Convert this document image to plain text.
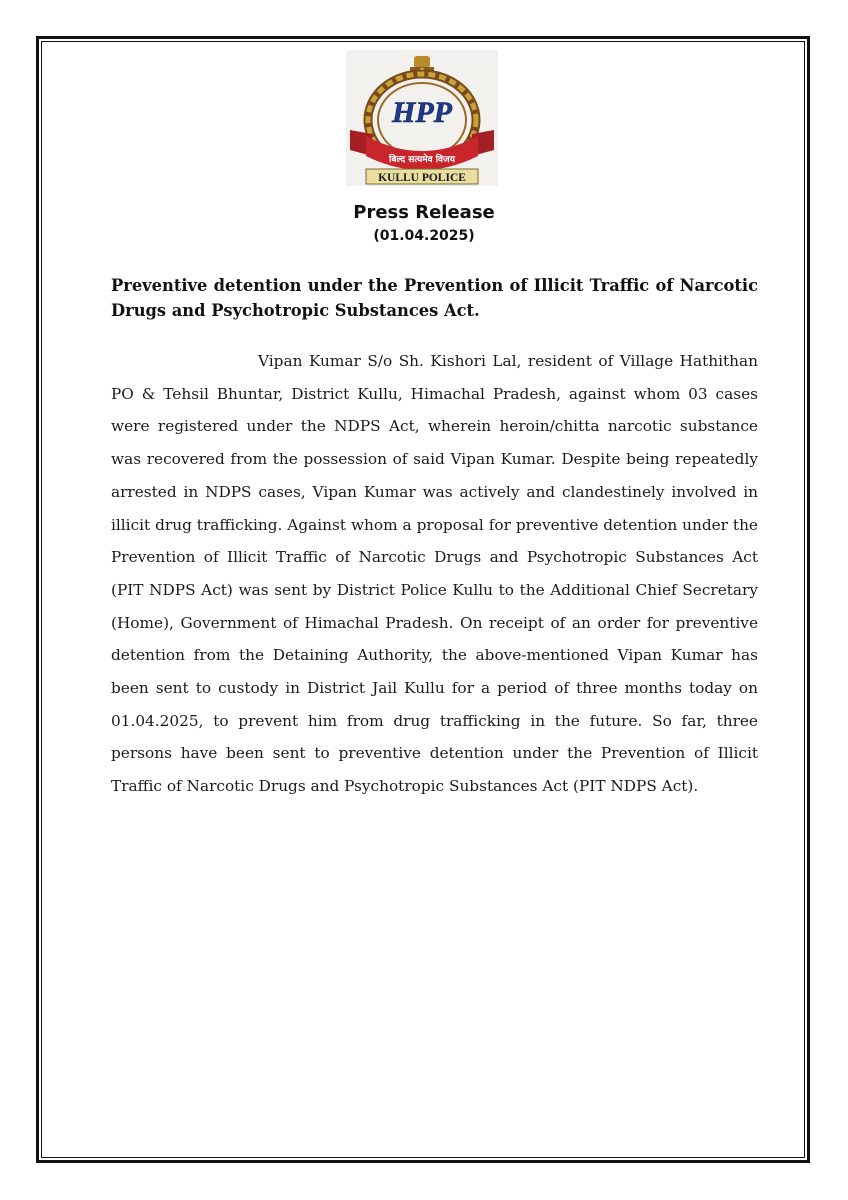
HPP
बिल्द सत्यमेव विजय
KULLU POLICE
Press Release
(01.04.2025)

Preventive detention under the Prevention of Illicit Traffic of Narcotic Drugs and Psychotropic Substances Act.

Vipan Kumar S/o Sh. Kishori Lal, resident of Village Hathithan PO & Tehsil Bhuntar, District Kullu, Himachal Pradesh, against whom 03 cases were registered under the NDPS Act, wherein heroin/chitta narcotic substance was recovered from the possession of said Vipan Kumar. Despite being repeatedly arrested in NDPS cases, Vipan Kumar was actively and clandestinely involved in illicit drug trafficking. Against whom a proposal for preventive detention under the Prevention of Illicit Traffic of Narcotic Drugs and Psychotropic Substances Act (PIT NDPS Act) was sent by District Police Kullu to the Additional Chief Secretary (Home), Government of Himachal Pradesh. On receipt of an order for preventive detention from the Detaining Authority, the above-mentioned Vipan Kumar has been sent to custody in District Jail Kullu for a period of three months today on 01.04.2025, to prevent him from drug trafficking in the future. So far, three persons have been sent to preventive detention under the Prevention of Illicit Traffic of Narcotic Drugs and Psychotropic Substances Act (PIT NDPS Act).
